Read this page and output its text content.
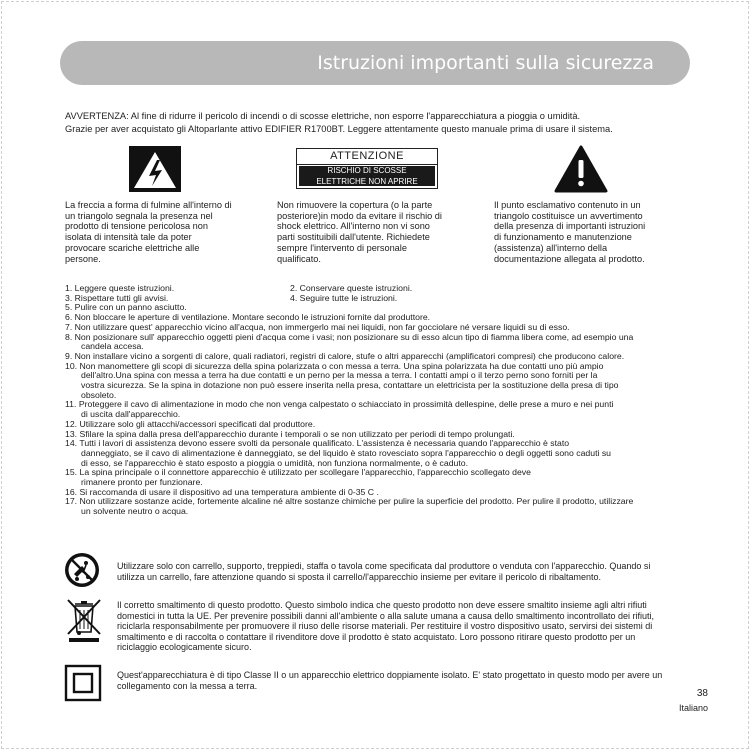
Istruzioni importanti sulla sicurezza
AVVERTENZA: Al fine di ridurre il pericolo di incendi o di scosse elettriche, non esporre l'apparecchiatura a pioggia o umidità.
Grazie per aver acquistato gli Altoparlante attivo EDIFIER R1700BT. Leggere attentamente questo manuale prima di usare il sistema.
ATTENZIONE
RISCHIO DI SCOSSE
ELETTRICHE NON APRIRE
La freccia a forma di fulmine all'interno di
un triangolo segnala la presenza nel
prodotto di tensione pericolosa non
isolata di intensità tale da poter
provocare scariche elettriche alle
persone.
Non rimuovere la copertura (o la parte
posteriore)in modo da evitare il rischio di
shock elettrico. All'interno non vi sono
parti sostituibili dall'utente. Richiedete
sempre l'intervento di personale
qualificato.
Il punto esclamativo contenuto in un
triangolo costituisce un avvertimento
della presenza di importanti istruzioni
di funzionamento e manutenzione
(assistenza) all'interno della
documentazione allegata al prodotto.
1. Leggere queste istruzioni.	2. Conservare queste istruzioni.
3. Rispettare tutti gli avvisi.	4. Seguire tutte le istruzioni.
5. Pulire con un panno asciutto.
6. Non bloccare le aperture di ventilazione. Montare secondo le istruzioni fornite dal produttore.
7. Non utilizzare quest' apparecchio vicino all'acqua, non immergerlo mai nei liquidi, non far gocciolare né versare liquidi su di esso.
8. Non posizionare sull' apparecchio oggetti pieni d'acqua come i vasi; non posizionare su di esso alcun tipo di fiamma libera come, ad esempio una
candela accesa.
9. Non installare vicino a sorgenti di calore, quali radiatori, registri di calore, stufe o altri apparecchi (amplificatori compresi) che producono calore.
10. Non manomettere gli scopi di sicurezza della spina polarizzata o con messa a terra. Una spina polarizzata ha due contatti uno più ampio
dell'altro.Una spina con messa a terra ha due contatti e un perno per la messa a terra. I contatti ampi o il terzo perno sono forniti per la
vostra sicurezza. Se la spina in dotazione non può essere inserita nella presa, contattare un elettricista per la sostituzione della presa di tipo
obsoleto.
11. Proteggere il cavo di alimentazione in modo che non venga calpestato o schiacciato in prossimità dellespine, delle prese a muro e nei punti
di uscita dall'apparecchio.
12. Utilizzare solo gli attacchi/accessori specificati dal produttore.
13. Sfilare la spina dalla presa dell'apparecchio durante i temporali o se non utilizzato per periodi di tempo prolungati.
14. Tutti i lavori di assistenza devono essere svolti da personale qualificato. L'assistenza è necessaria quando l'apparecchio è stato
danneggiato, se il cavo di alimentazione è danneggiato, se del liquido è stato rovesciato sopra l'apparecchio o degli oggetti sono caduti su
di esso, se l'apparecchio è stato esposto a pioggia o umidità, non funziona normalmente, o è caduto.
15. La spina principale o il connettore apparecchio è utilizzato per scollegare l'apparecchio, l'apparecchio scollegato deve
rimanere pronto per funzionare.
16. Si raccomanda di usare il dispositivo ad una temperatura ambiente di 0-35 C .
17. Non utilizzare sostanze acide, fortemente alcaline né altre sostanze chimiche per pulire la superficie del prodotto. Per pulire il prodotto, utilizzare
un solvente neutro o acqua.
Utilizzare solo con carrello, supporto, treppiedi, staffa o tavola come specificata dal produttore o venduta con l'apparecchio. Quando si
utilizza un carrello, fare attenzione quando si sposta il carrello/l'apparecchio insieme per evitare il pericolo di ribaltamento.
Il corretto smaltimento di questo prodotto. Questo simbolo indica che questo prodotto non deve essere smaltito insieme agli altri rifiuti
domestici in tutta la UE. Per prevenire possibili danni all'ambiente o alla salute umana a causa dello smaltimento incontrollato dei rifiuti,
riciclarla responsabilmente per promuovere il riuso delle risorse materiali. Per restituire il vostro dispositivo usato, servirsi dei sistemi di
smaltimento e di raccolta o contattare il rivenditore dove il prodotto è stato acquistato. Loro possono ritirare questo prodotto per un
riciclaggio ecologicamente sicuro.
Quest'apparecchiatura è di tipo Classe II o un apparecchio elettrico doppiamente isolato. E' stato progettato in questo modo per avere un
collegamento con la messa a terra.
38
Italiano
